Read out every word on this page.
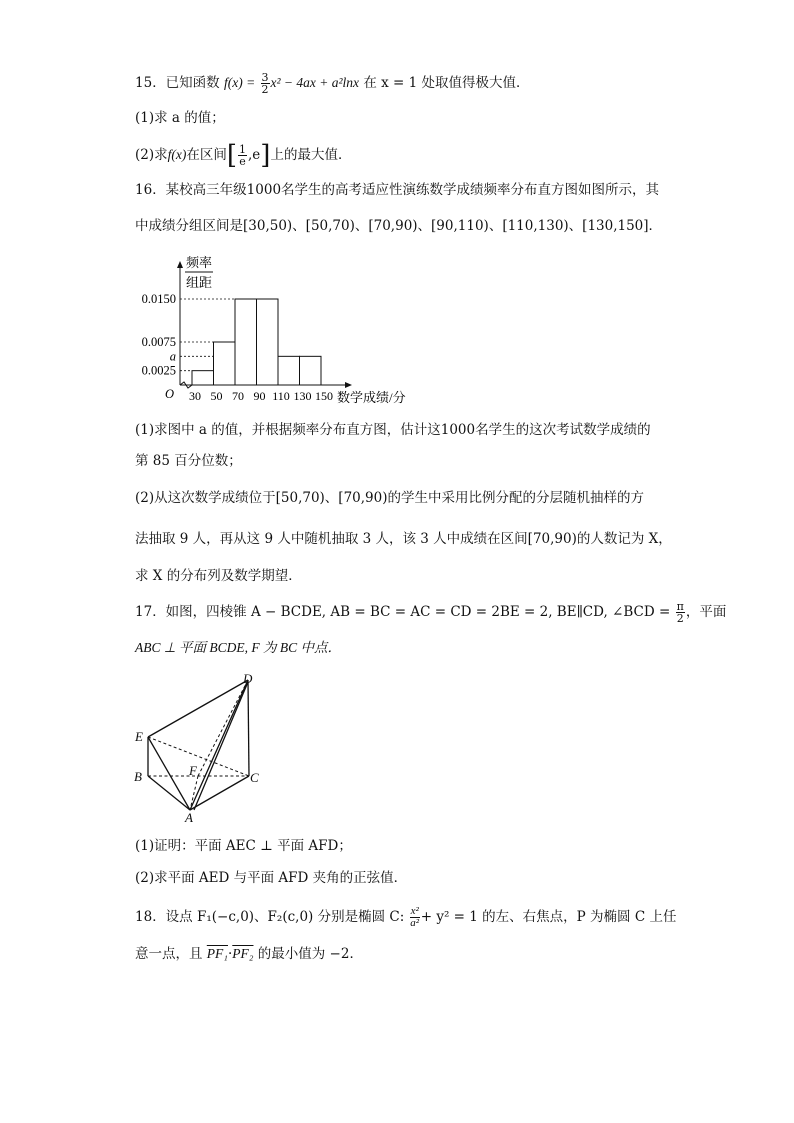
15．已知函数 $f(x) = \frac{3}{2} x^2 - 4ax + a^2\ln x$ 在 x = 1 处取值得极大值．
(1)求 a 的值；
(2)求f(x)在区间[ $\frac{1}{e} ,e$]上的最大值．
16．某校高三年级1000名学生的高考适应性演练数学成绩频率分布直方图如图所示，其
中成绩分组区间是[30,50)、[50,70)、[70,90)、[90,110)、[110,130)、[130,150]．
频率
组距
0.0150
0.0075
a
0.0025
O 30 50 70 90 110 130 150 数学成绩/分
(1)求图中 a 的值，并根据频率分布直方图，估计这1000名学生的这次考试数学成绩的
第 85 百分位数；
(2)从这次数学成绩位于[50,70)、[70,90)的学生中采用比例分配的分层随机抽样的方
法抽取 9 人，再从这 9 人中随机抽取 3 人，该 3 人中成绩在区间[70,90)的人数记为 X，
求 X 的分布列及数学期望．
17．如图，四棱锥 A − BCDE, AB = BC = AC = CD = 2BE = 2, BE∥CD, ∠BCD = $\frac{\pi}{2}$ ，平面
ABC ⊥ 平面 BCDE, F 为 BC 中点．
D
E
B	F	C
A
(1)证明：平面 AEC ⊥ 平面 AFD；
(2)求平面 AED 与平面 AFD 夹角的正弦值．
18．设点 F₁(−c,0)、F₂(c,0) 分别是椭圆 C: $\frac{\text{x²}}{\text{a²}} + y^2 = 1$ 的左、右焦点，P 为椭圆 C 上任
意一点，且 PF₁·PF₂ 的最小值为 −2．
